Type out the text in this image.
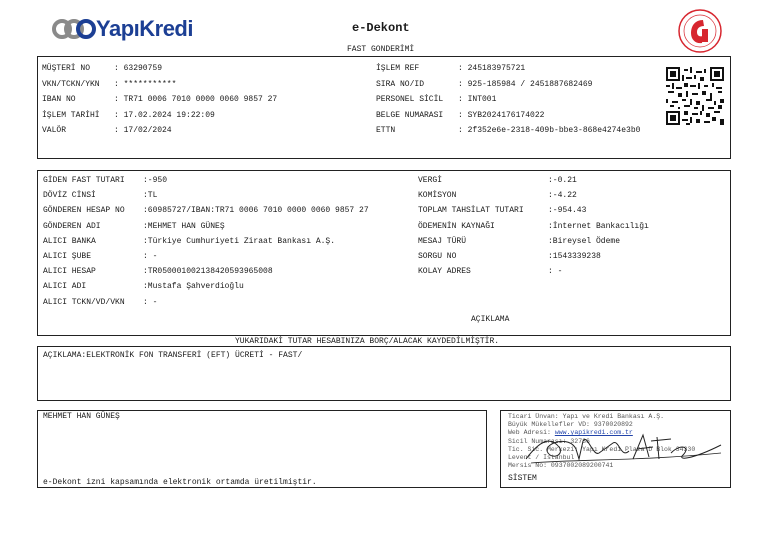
YapıKredi	e-Dekont
FAST GONDERİMİ
MÜŞTERİ NO	: 63290759
VKN/TCKN/YKN	: ***********
IBAN NO	: TR71 0006 7010 0000 0060 9857 27
İŞLEM TARİHİ	: 17.02.2024 19:22:09
VALÖR	: 17/02/2024
İŞLEM REF	: 245183975721
SIRA NO/ID	: 925-185984 / 2451887682469
PERSONEL SİCİL	: INT001
BELGE NUMARASI	: SYB2024176174022
ETTN	: 2f352e6e-2318-409b-bbe3-868e4274e3b0
GİDEN FAST TUTARI	:-950
DÖVİZ CİNSİ	:TL
GÖNDEREN HESAP NO	:60985727/IBAN:TR71 0006 7010 0000 0060 9857 27
GÖNDEREN ADI	:MEHMET HAN GÜNEŞ
ALICI BANKA	:Türkiye Cumhuriyeti Ziraat Bankası A.Ş.
ALICI ŞUBE	: -
ALICI HESAP	:TR050001002138420593965008
ALICI ADI	:Mustafa Şahverdioğlu
ALICI TCKN/VD/VKN	: -
VERGİ	:-0.21
KOMİSYON	:-4.22
TOPLAM TAHSİLAT TUTARI	:-954.43
ÖDEMENİN KAYNAĞI	:İnternet Bankacılığı
MESAJ TÜRÜ	:Bireysel Ödeme
SORGU NO	:1543339238
KOLAY ADRES	: -
AÇIKLAMA
YUKARIDAKİ TUTAR HESABINIZA BORÇ/ALACAK KAYDEDİLMİŞTİR.
AÇIKLAMA:ELEKTRONİK FON TRANSFERİ (EFT) ÜCRETİ - FAST/
MEHMET HAN GÜNEŞ
e-Dekont izni kapsamında elektronik ortamda üretilmiştir.
Ticari Ünvan: Yapı ve Kredi Bankası A.Ş.
Büyük Mükellefler VD: 9370020892
Web Adresi: www.yapikredi.com.tr
Sicil Numarası: 32736
Tic. Sic. Merkezi: Yapı Kredi Plaza D Blok 34330
Levent / İstanbul
Mersis No: 0937002089200741
SİSTEM
